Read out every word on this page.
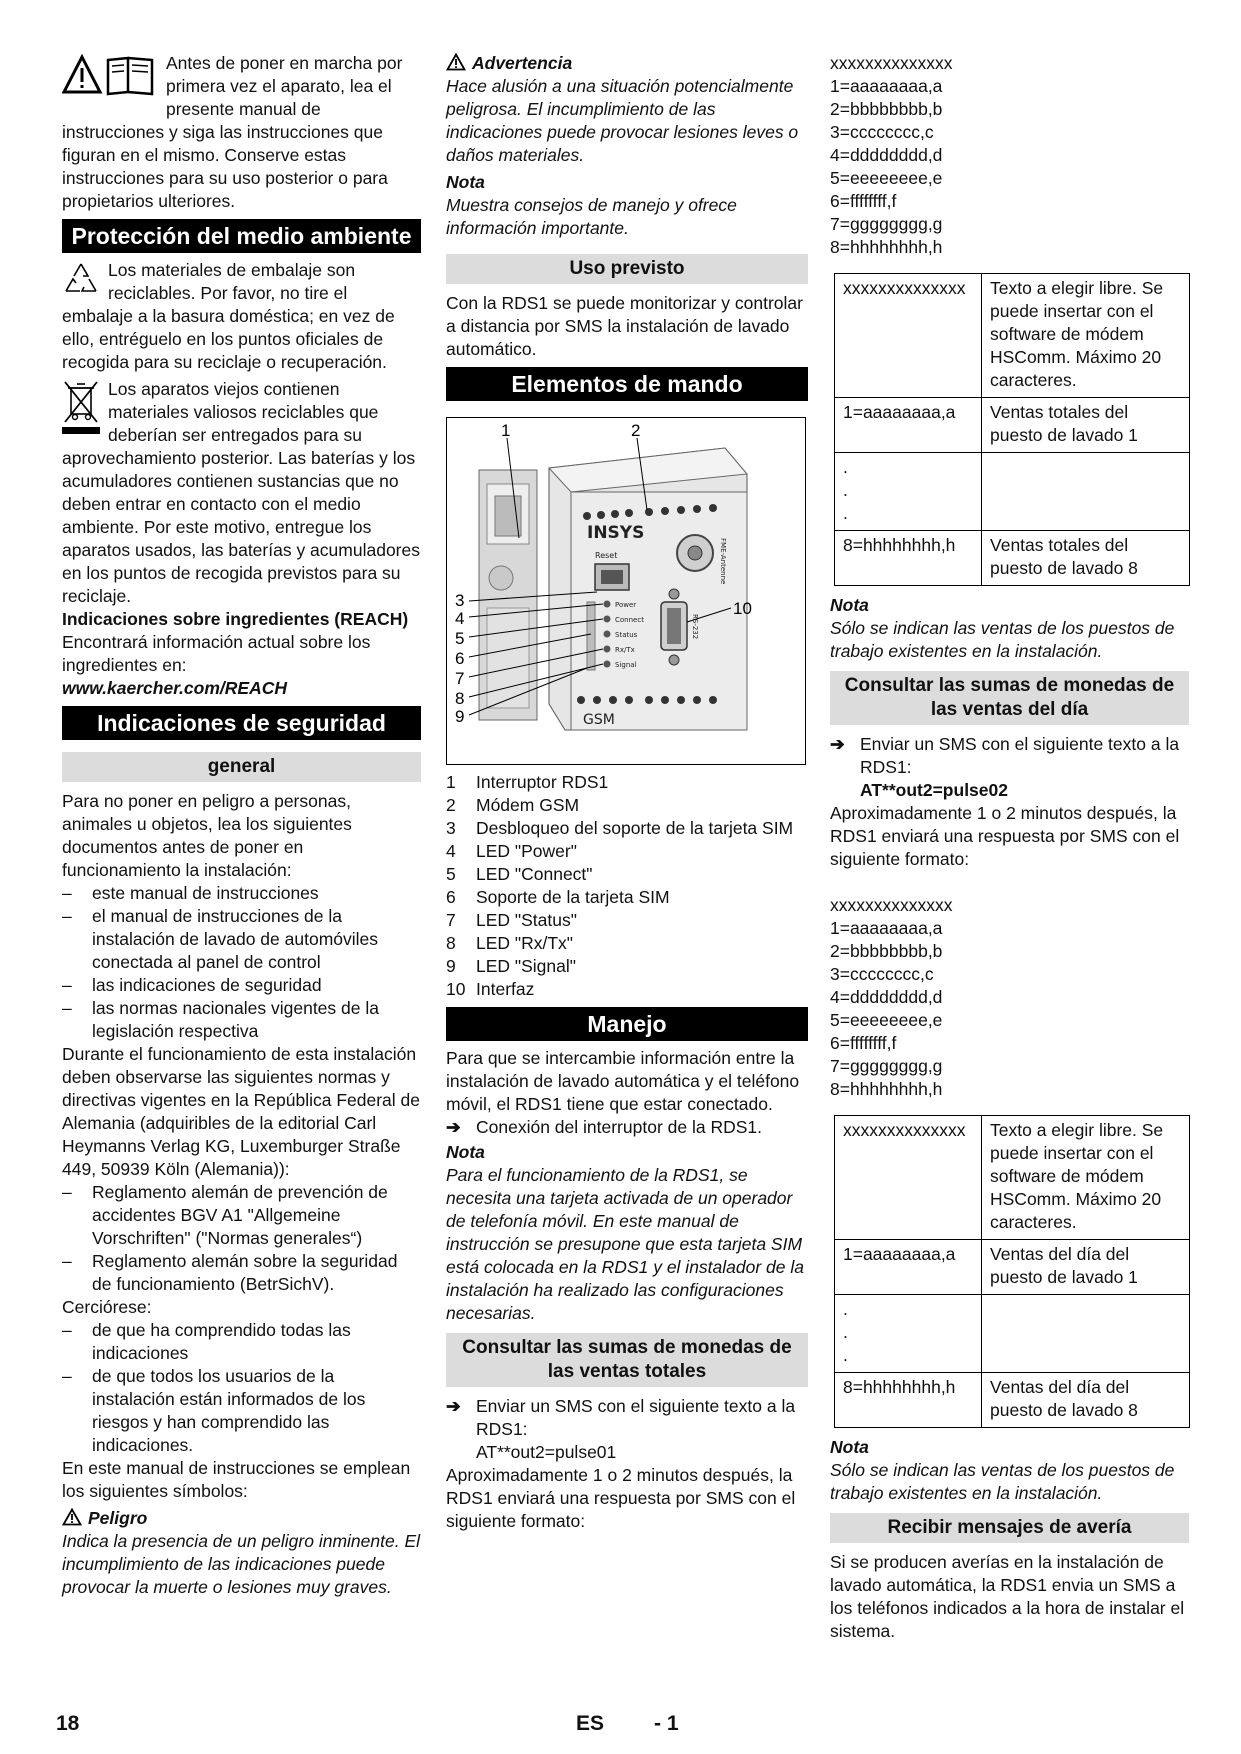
Antes de poner en marcha por primera vez el aparato, lea el presente manual de instrucciones y siga las instrucciones que figuran en el mismo. Conserve estas instrucciones para su uso posterior o para propietarios ulteriores.

Protección del medio ambiente

Los materiales de embalaje son reciclables. Por favor, no tire el embalaje a la basura doméstica; en vez de ello, entréguelo en los puntos oficiales de recogida para su reciclaje o recuperación.

Los aparatos viejos contienen materiales valiosos reciclables que deberían ser entregados para su aprovechamiento posterior. Las baterías y los acumuladores contienen sustancias que no deben entrar en contacto con el medio ambiente. Por este motivo, entregue los aparatos usados, las baterías y acumuladores en los puntos de recogida previstos para su reciclaje.

Indicaciones sobre ingredientes (REACH)

Encontrará información actual sobre los ingredientes en:

www.kaercher.com/REACH

Indicaciones de seguridad
general

Para no poner en peligro a personas, animales u objetos, lea los siguientes documentos antes de poner en funcionamiento la instalación:

– este manual de instrucciones
– el manual de instrucciones de la instalación de lavado de automóviles conectada al panel de control
– las indicaciones de seguridad
– las normas nacionales vigentes de la legislación respectiva

Durante el funcionamiento de esta instalación deben observarse las siguientes normas y directivas vigentes en la República Federal de Alemania (adquiribles de la editorial Carl Heymanns Verlag KG, Luxemburger Straße 449, 50939 Köln (Alemania)):

– Reglamento alemán de prevención de accidentes BGV A1 "Allgemeine Vorschriften" ("Normas generales“)
– Reglamento alemán sobre la seguridad de funcionamiento (BetrSichV).

Cerciórese:

– de que ha comprendido todas las indicaciones
– de que todos los usuarios de la instalación están informados de los riesgos y han comprendido las indicaciones.

En este manual de instrucciones se emplean los siguientes símbolos:

Peligro

Indica la presencia de un peligro inminente. El incumplimiento de las indicaciones puede provocar la muerte o lesiones muy graves.

Advertencia

Hace alusión a una situación potencialmente peligrosa. El incumplimiento de las indicaciones puede provocar lesiones leves o daños materiales.

Nota

Muestra consejos de manejo y ofrece información importante.

Uso previsto

Con la RDS1 se puede monitorizar y controlar a distancia por SMS la instalación de lavado automático.

Elementos de mando
INSYS
Reset	FME-Antenne
Power
Connect
Status
Rx/Tx
Signal
RS-232
GSM
1	2
3
4
5
6
7
8
9
10
1 Interruptor RDS1
2 Módem GSM
3 Desbloqueo del soporte de la tarjeta SIM
4 LED "Power"
5 LED "Connect"
6 Soporte de la tarjeta SIM
7 LED "Status"
8 LED "Rx/Tx"
9 LED "Signal"
10 Interfaz
Manejo

Para que se intercambie información entre la instalación de lavado automática y el teléfono móvil, el RDS1 tiene que estar conectado.

➔ Conexión del interruptor de la RDS1.

Nota

Para el funcionamiento de la RDS1, se necesita una tarjeta activada de un operador de telefonía móvil. En este manual de instrucción se presupone que esta tarjeta SIM está colocada en la RDS1 y el instalador de la instalación ha realizado las configuraciones necesarias.

Consultar las sumas de monedas de las ventas totales

➔ Enviar un SMS con el siguiente texto a la RDS1:

AT**out2=pulse01

Aproximadamente 1 o 2 minutos después, la RDS1 enviará una respuesta por SMS con el siguiente formato:

xxxxxxxxxxxxxx

1=aaaaaaaa,a

2=bbbbbbbb,b

3=cccccccc,c

4=dddddddd,d

5=eeeeeeee,e

6=ffffffff,f

7=gggggggg,g

8=hhhhhhhh,h

xxxxxxxxxxxxxx	Texto a elegir libre. Se puede insertar con el software de módem HSComm. Máximo 20 caracteres.
1=aaaaaaaa,a	Ventas totales del puesto de lavado 1
.
.
.	
8=hhhhhhhh,h	Ventas totales del puesto de lavado 8

Nota

Sólo se indican las ventas de los puestos de trabajo existentes en la instalación.

Consultar las sumas de monedas de las ventas del día

➔ Enviar un SMS con el siguiente texto a la RDS1:

AT**out2=pulse02

Aproximadamente 1 o 2 minutos después, la RDS1 enviará una respuesta por SMS con el siguiente formato:

xxxxxxxxxxxxxx

1=aaaaaaaa,a

2=bbbbbbbb,b

3=cccccccc,c

4=dddddddd,d

5=eeeeeeee,e

6=ffffffff,f

7=gggggggg,g

8=hhhhhhhh,h

xxxxxxxxxxxxxx	Texto a elegir libre. Se puede insertar con el software de módem HSComm. Máximo 20 caracteres.
1=aaaaaaaa,a	Ventas del día del puesto de lavado 1
.
.
.	
8=hhhhhhhh,h	Ventas del día del puesto de lavado 8

Nota

Sólo se indican las ventas de los puestos de trabajo existentes en la instalación.

Recibir mensajes de avería

Si se producen averías en la instalación de lavado automática, la RDS1 envia un SMS a los teléfonos indicados a la hora de instalar el sistema.

18	ES - 1
